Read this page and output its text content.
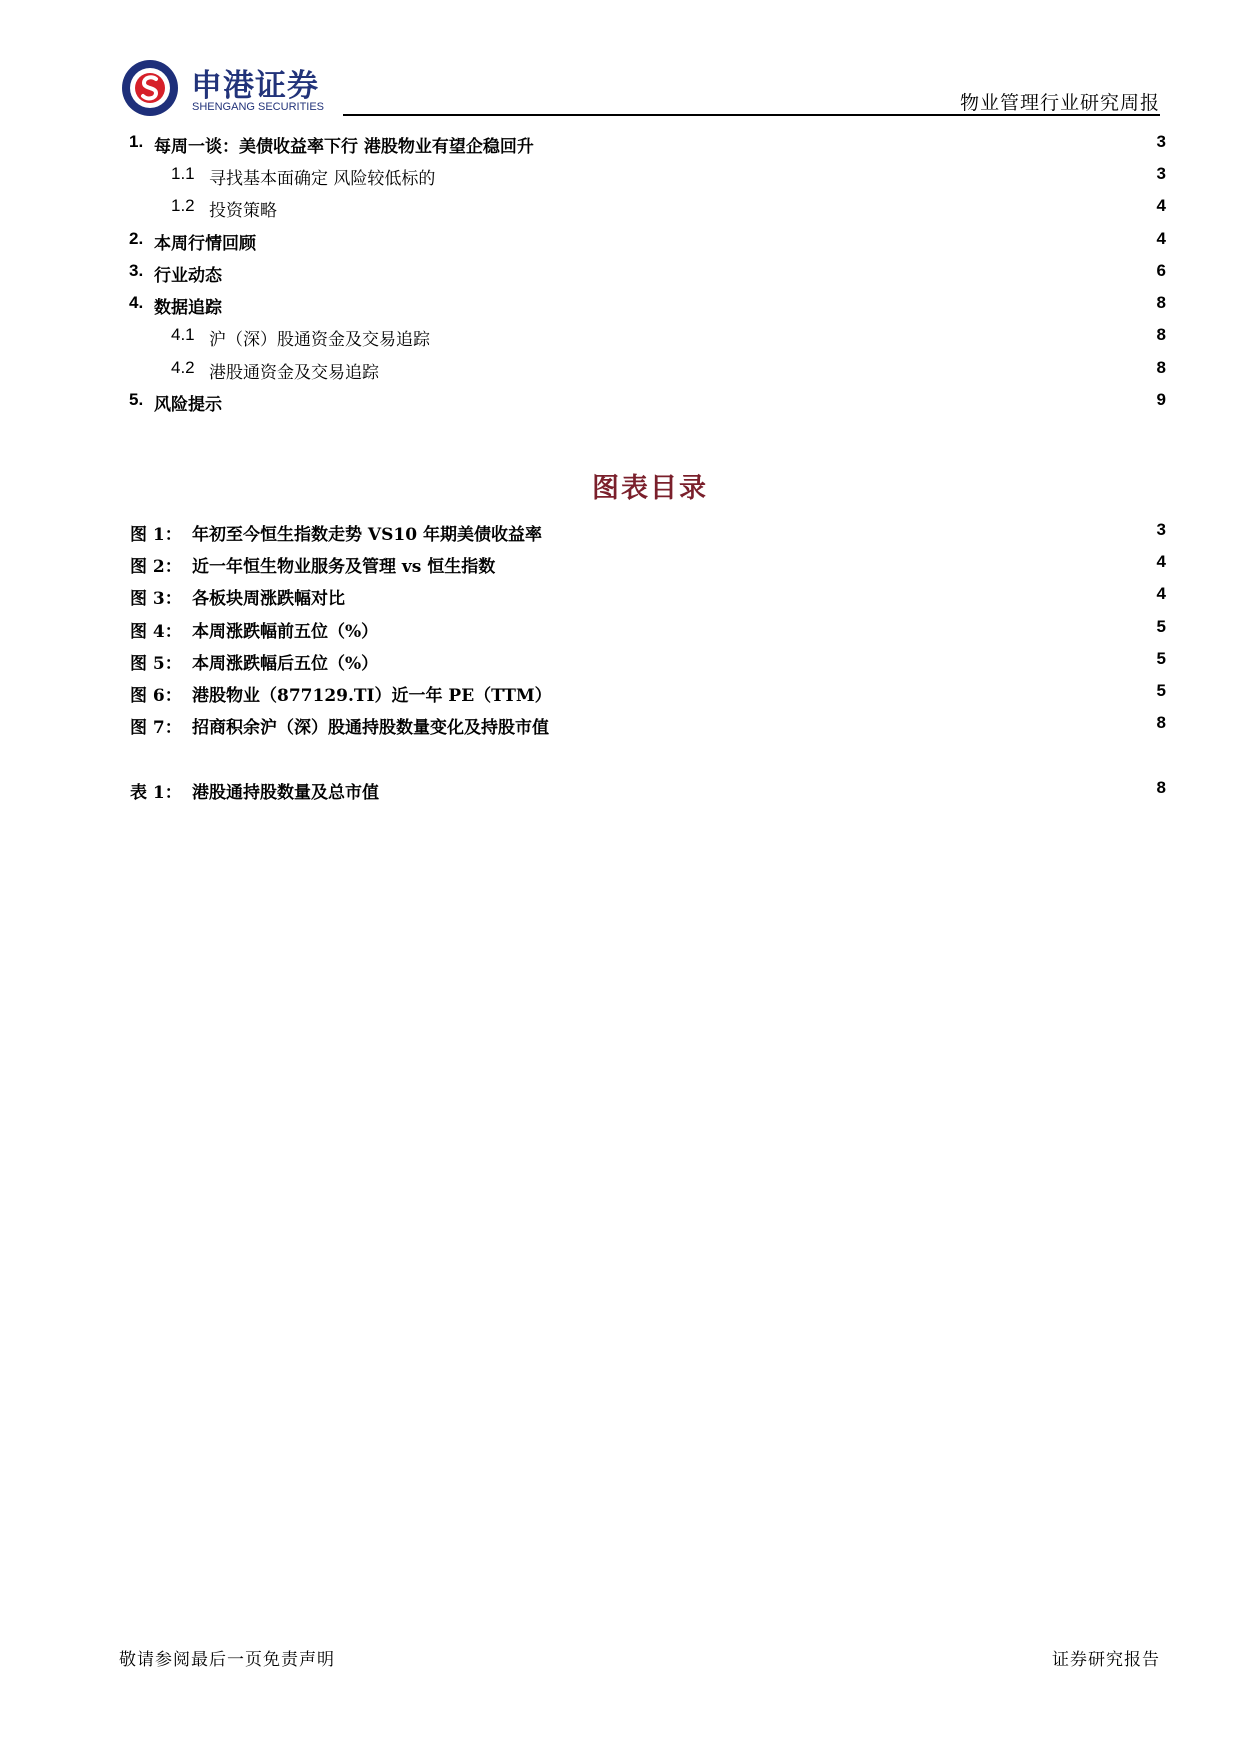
申港证券
SHENGANG SECURITIES	物业管理行业研究周报
1. 每周一谈：美债收益率下行 港股物业有望企稳回升	3
1.1 寻找基本面确定 风险较低标的	3
1.2 投资策略	4
2. 本周行情回顾	4
3. 行业动态	6
4. 数据追踪	8
4.1 沪（深）股通资金及交易追踪	8
4.2 港股通资金及交易追踪	8
5. 风险提示	9
图表目录
图 1： 年初至今恒生指数走势 VS10 年期美债收益率	3
图 2： 近一年恒生物业服务及管理 vs 恒生指数	4
图 3： 各板块周涨跌幅对比	4
图 4： 本周涨跌幅前五位（%）	5
图 5： 本周涨跌幅后五位（%）	5
图 6： 港股物业（877129.TI）近一年 PE（TTM）	5
图 7： 招商积余沪（深）股通持股数量变化及持股市值	8
表 1： 港股通持股数量及总市值	8
敬请参阅最后一页免责声明	证券研究报告
